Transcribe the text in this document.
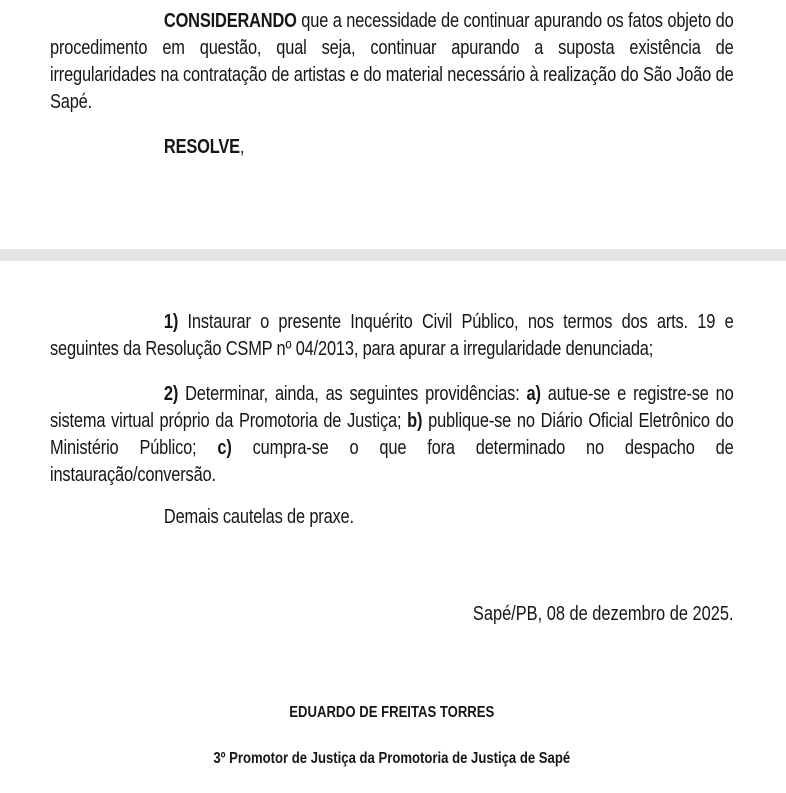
CONSIDERANDO que a necessidade de continuar apurando os fatos objeto do procedimento em questão, qual seja, continuar apurando a suposta existência de irregularidades na contratação de artistas e do material necessário à realização do São João de Sapé.

RESOLVE,

1) Instaurar o presente Inquérito Civil Público, nos termos dos arts. 19 e seguintes da Resolução CSMP nº 04/2013, para apurar a irregularidade denunciada;

2) Determinar, ainda, as seguintes providências: a) autue-se e registre-se no sistema virtual próprio da Promotoria de Justiça; b) publique-se no Diário Oficial Eletrônico do Ministério Público; c) cumpra-se o que fora determinado no despacho de instauração/conversão.

Demais cautelas de praxe.

Sapé/PB, 08 de dezembro de 2025.

EDUARDO DE FREITAS TORRES

3º Promotor de Justiça da Promotoria de Justiça de Sapé
